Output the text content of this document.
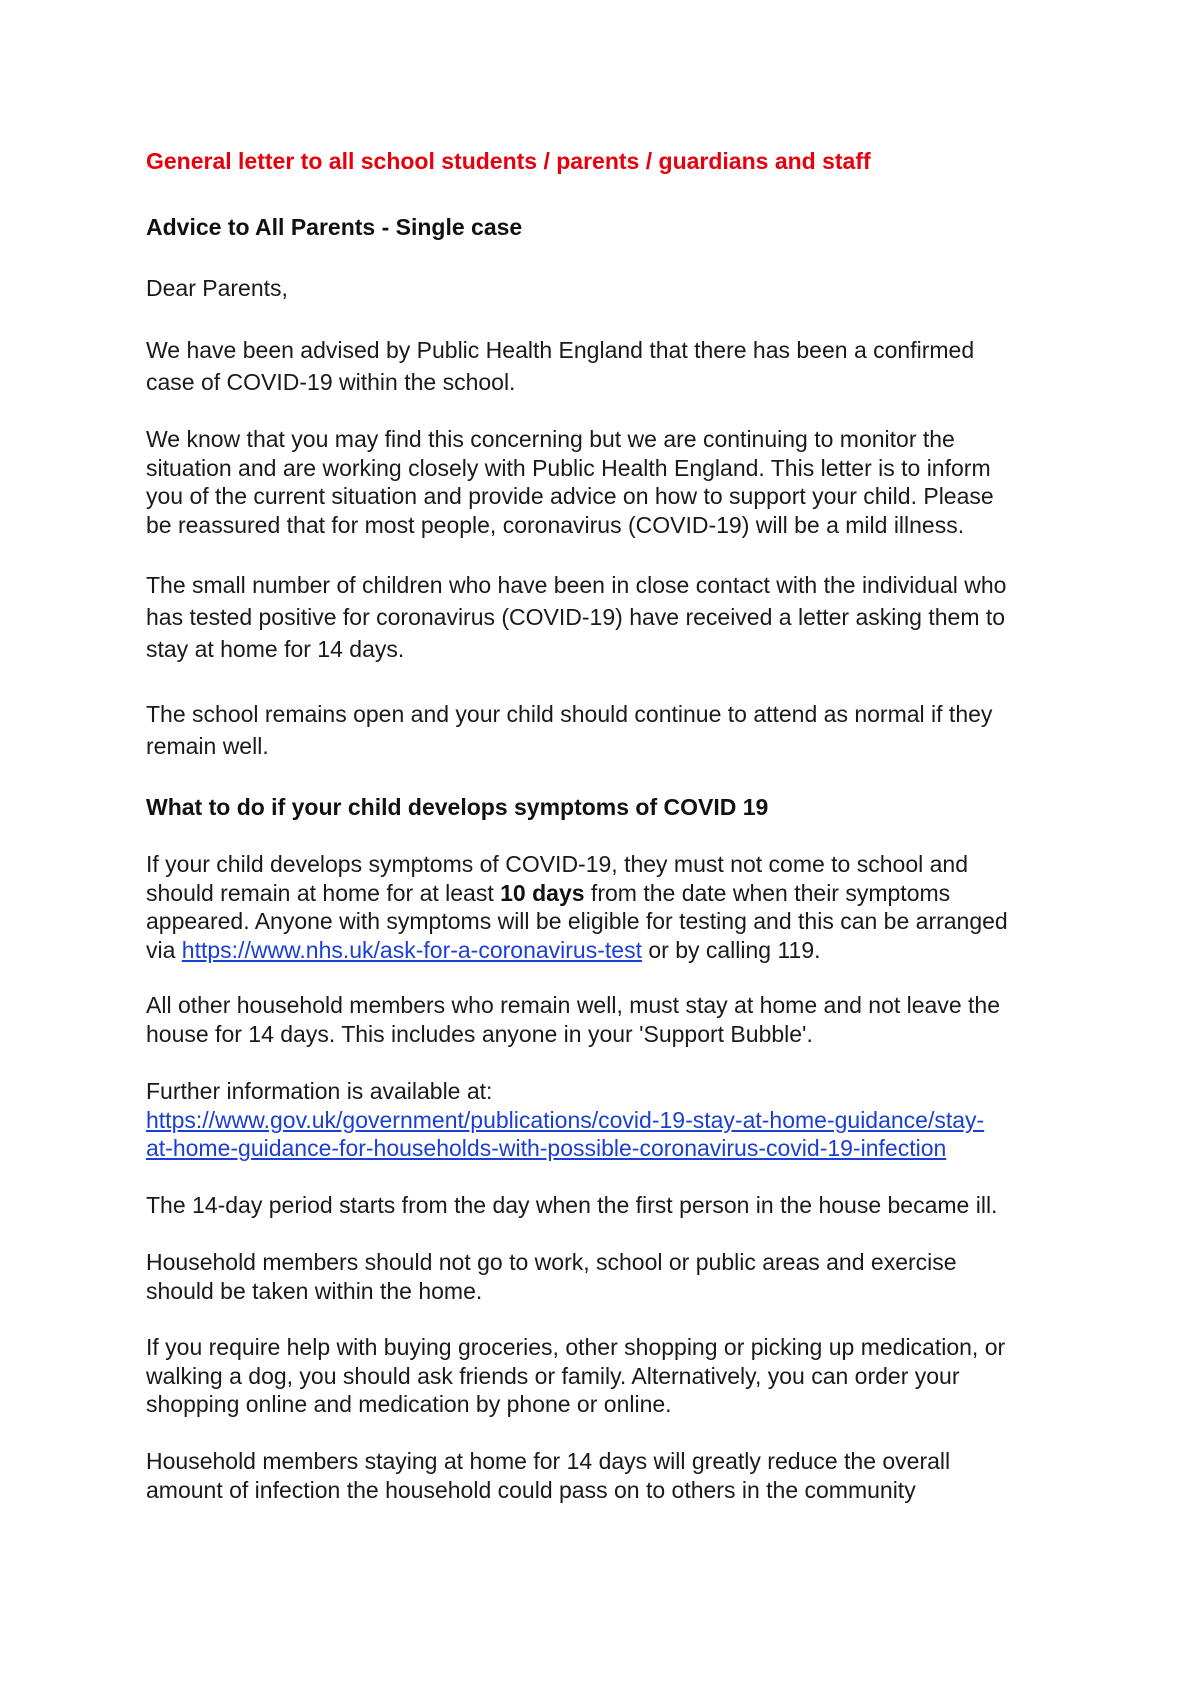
General letter to all school students / parents / guardians and staff
Advice to All Parents - Single case
Dear Parents,
We have been advised by Public Health England that there has been a confirmed
case of COVID-19 within the school.
We know that you may find this concerning but we are continuing to monitor the
situation and are working closely with Public Health England. This letter is to inform
you of the current situation and provide advice on how to support your child. Please
be reassured that for most people, coronavirus (COVID-19) will be a mild illness.
The small number of children who have been in close contact with the individual who
has tested positive for coronavirus (COVID-19) have received a letter asking them to
stay at home for 14 days.
The school remains open and your child should continue to attend as normal if they
remain well.
What to do if your child develops symptoms of COVID 19
If your child develops symptoms of COVID-19, they must not come to school and
should remain at home for at least 10 days from the date when their symptoms
appeared. Anyone with symptoms will be eligible for testing and this can be arranged
via https://www.nhs.uk/ask-for-a-coronavirus-test or by calling 119.
All other household members who remain well, must stay at home and not leave the
house for 14 days. This includes anyone in your 'Support Bubble'.
Further information is available at:
https://www.gov.uk/government/publications/covid-19-stay-at-home-guidance/stay-
at-home-guidance-for-households-with-possible-coronavirus-covid-19-infection
The 14-day period starts from the day when the first person in the house became ill.
Household members should not go to work, school or public areas and exercise
should be taken within the home.
If you require help with buying groceries, other shopping or picking up medication, or
walking a dog, you should ask friends or family. Alternatively, you can order your
shopping online and medication by phone or online.
Household members staying at home for 14 days will greatly reduce the overall
amount of infection the household could pass on to others in the community
